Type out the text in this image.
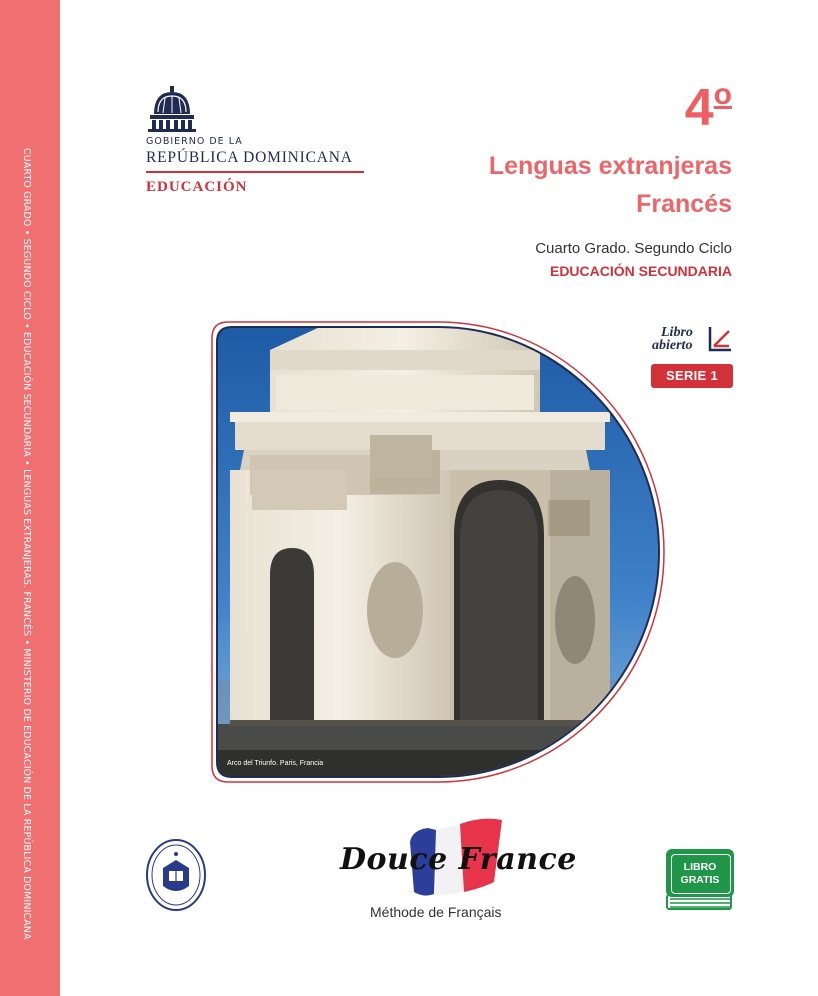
CUARTO GRADO • SEGUNDO CICLO • EDUCACIÓN SECUNDARIA • LENGUAS EXTRANJERAS. FRANCÉS • MINISTERIO DE EDUCACIÓN DE LA REPÚBLICA DOMINICANA
GOBIERNO DE LA
REPÚBLICA DOMINICANA
EDUCACIÓN
4$^o$
Lenguas extranjeras
Francés
Cuarto Grado. Segundo Ciclo
EDUCACIÓN SECUNDARIA
Libro
abierto
SERIE 1
Arco del Triunfo. Paris, Francia
Douce France
Méthode de Français
LIBRO
GRATIS
